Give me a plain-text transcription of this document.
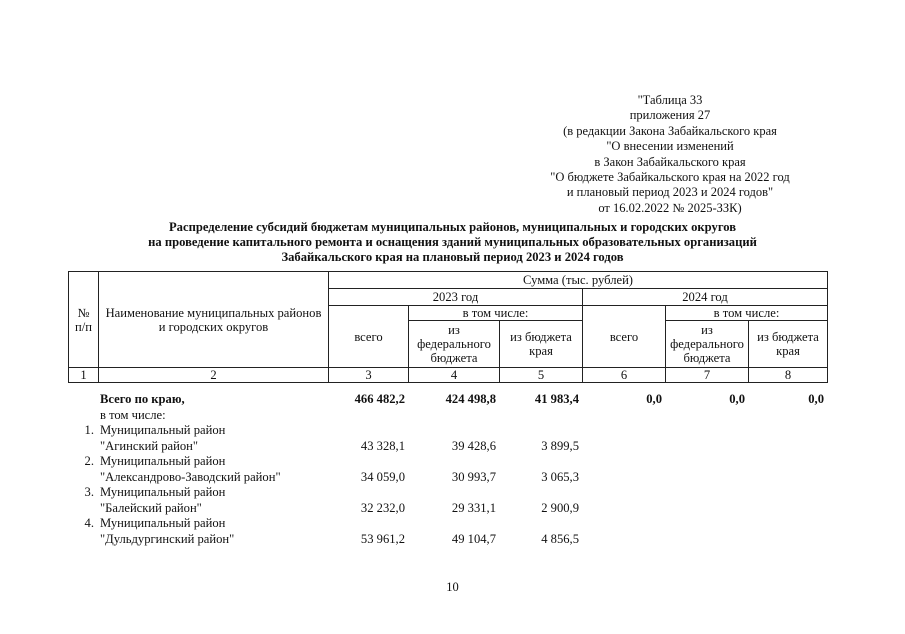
"Таблица 33
приложения 27
(в редакции Закона Забайкальского края
"О внесении изменений
в Закон Забайкальского края
"О бюджете Забайкальского края на 2022 год
и плановый период 2023 и 2024 годов"
от 16.02.2022 № 2025-ЗЗК)
Распределение субсидий бюджетам муниципальных районов, муниципальных и городских округов
на проведение капитального ремонта и оснащения зданий муниципальных образовательных организаций
Забайкальского края на плановый период 2023 и 2024 годов
№ п/п	Наименование муниципальных районов и городских округов	Сумма (тыс. рублей)					
		2023 год			2024 год		
		всего	в том числе:		всего	в том числе:	
			из федерального бюджета	из бюджета края		из федерального бюджета	из бюджета края
1	2	3	4	5	6	7	8
Всего по краю,	466 482,2	424 498,8	41 983,4	0,0	0,0	0,0
в том числе:
1. Муниципальный район
"Агинский район"	43 328,1	39 428,6	3 899,5
2. Муниципальный район
"Александрово-Заводский район"	34 059,0	30 993,7	3 065,3
3. Муниципальный район
"Балейский район"	32 232,0	29 331,1	2 900,9
4. Муниципальный район
"Дульдургинский район"	53 961,2	49 104,7	4 856,5
10
